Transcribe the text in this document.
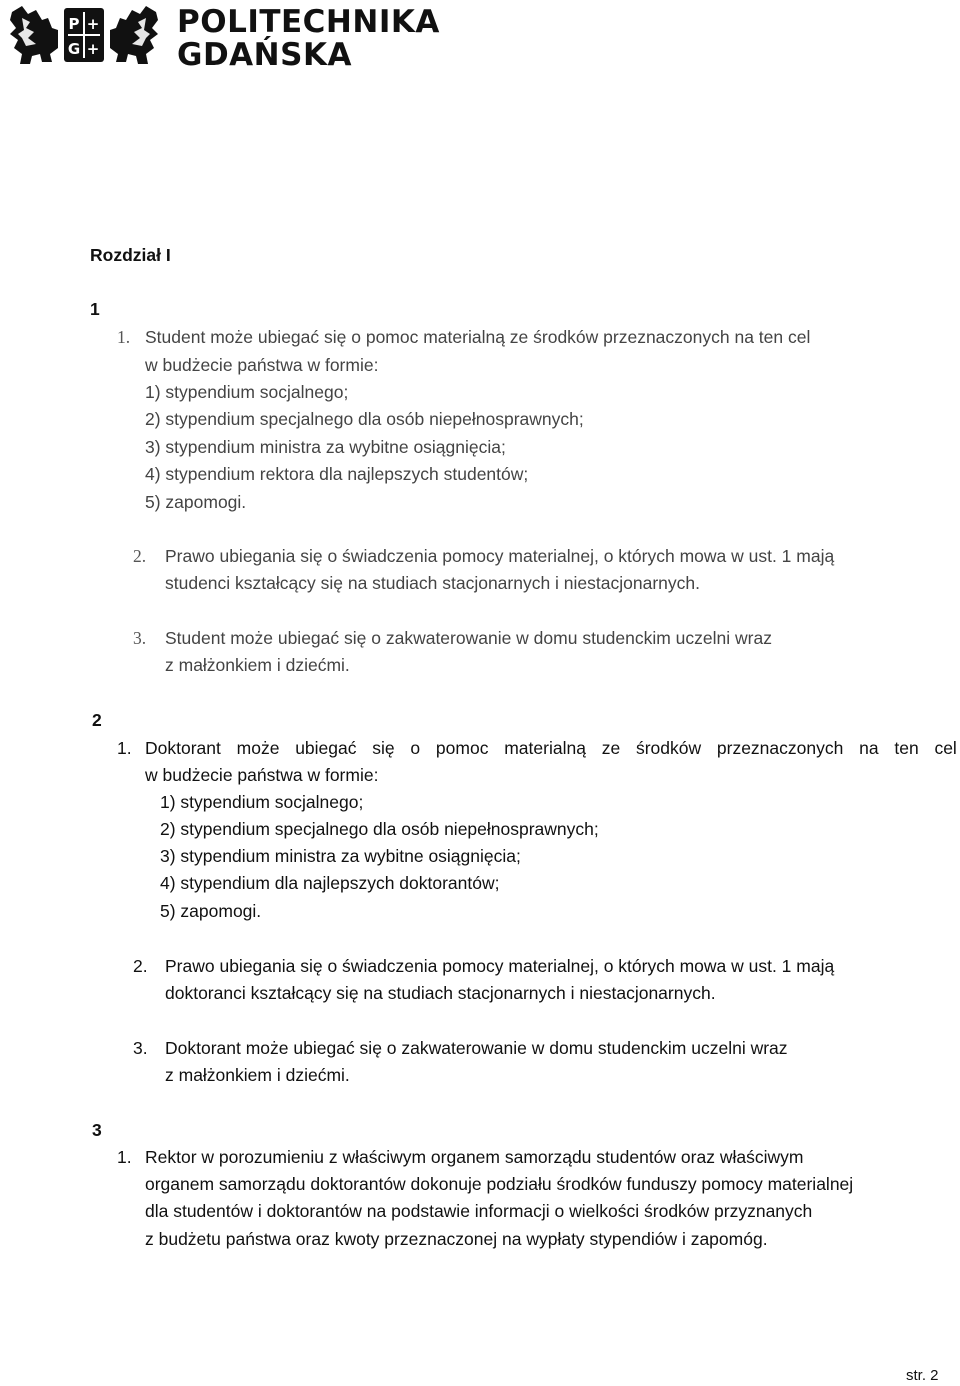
P
G
+
+
POLITECHNIKA
GDAŃSKA
Rozdział I
1
1. Student może ubiegać się o pomoc materialną ze środków przeznaczonych na ten cel
w budżecie państwa w formie:
1) stypendium socjalnego;
2) stypendium specjalnego dla osób niepełnosprawnych;
3) stypendium ministra za wybitne osiągnięcia;
4) stypendium rektora dla najlepszych studentów;
5) zapomogi.
2. Prawo ubiegania się o świadczenia pomocy materialnej, o których mowa w ust. 1 mają
studenci kształcący się na studiach stacjonarnych i niestacjonarnych.
3. Student może ubiegać się o zakwaterowanie w domu studenckim uczelni wraz
z małżonkiem i dziećmi.
2
1. Doktorant może ubiegać się o pomoc materialną ze środków przeznaczonych na ten cel
w budżecie państwa w formie:
1) stypendium socjalnego;
2) stypendium specjalnego dla osób niepełnosprawnych;
3) stypendium ministra za wybitne osiągnięcia;
4) stypendium dla najlepszych doktorantów;
5) zapomogi.
2. Prawo ubiegania się o świadczenia pomocy materialnej, o których mowa w ust. 1 mają
doktoranci kształcący się na studiach stacjonarnych i niestacjonarnych.
3. Doktorant może ubiegać się o zakwaterowanie w domu studenckim uczelni wraz
z małżonkiem i dziećmi.
3
1. Rektor w porozumieniu z właściwym organem samorządu studentów oraz właściwym
organem samorządu doktorantów dokonuje podziału środków funduszy pomocy materialnej
dla studentów i doktorantów na podstawie informacji o wielkości środków przyznanych
z budżetu państwa oraz kwoty przeznaczonej na wypłaty stypendiów i zapomóg.
str. 2
